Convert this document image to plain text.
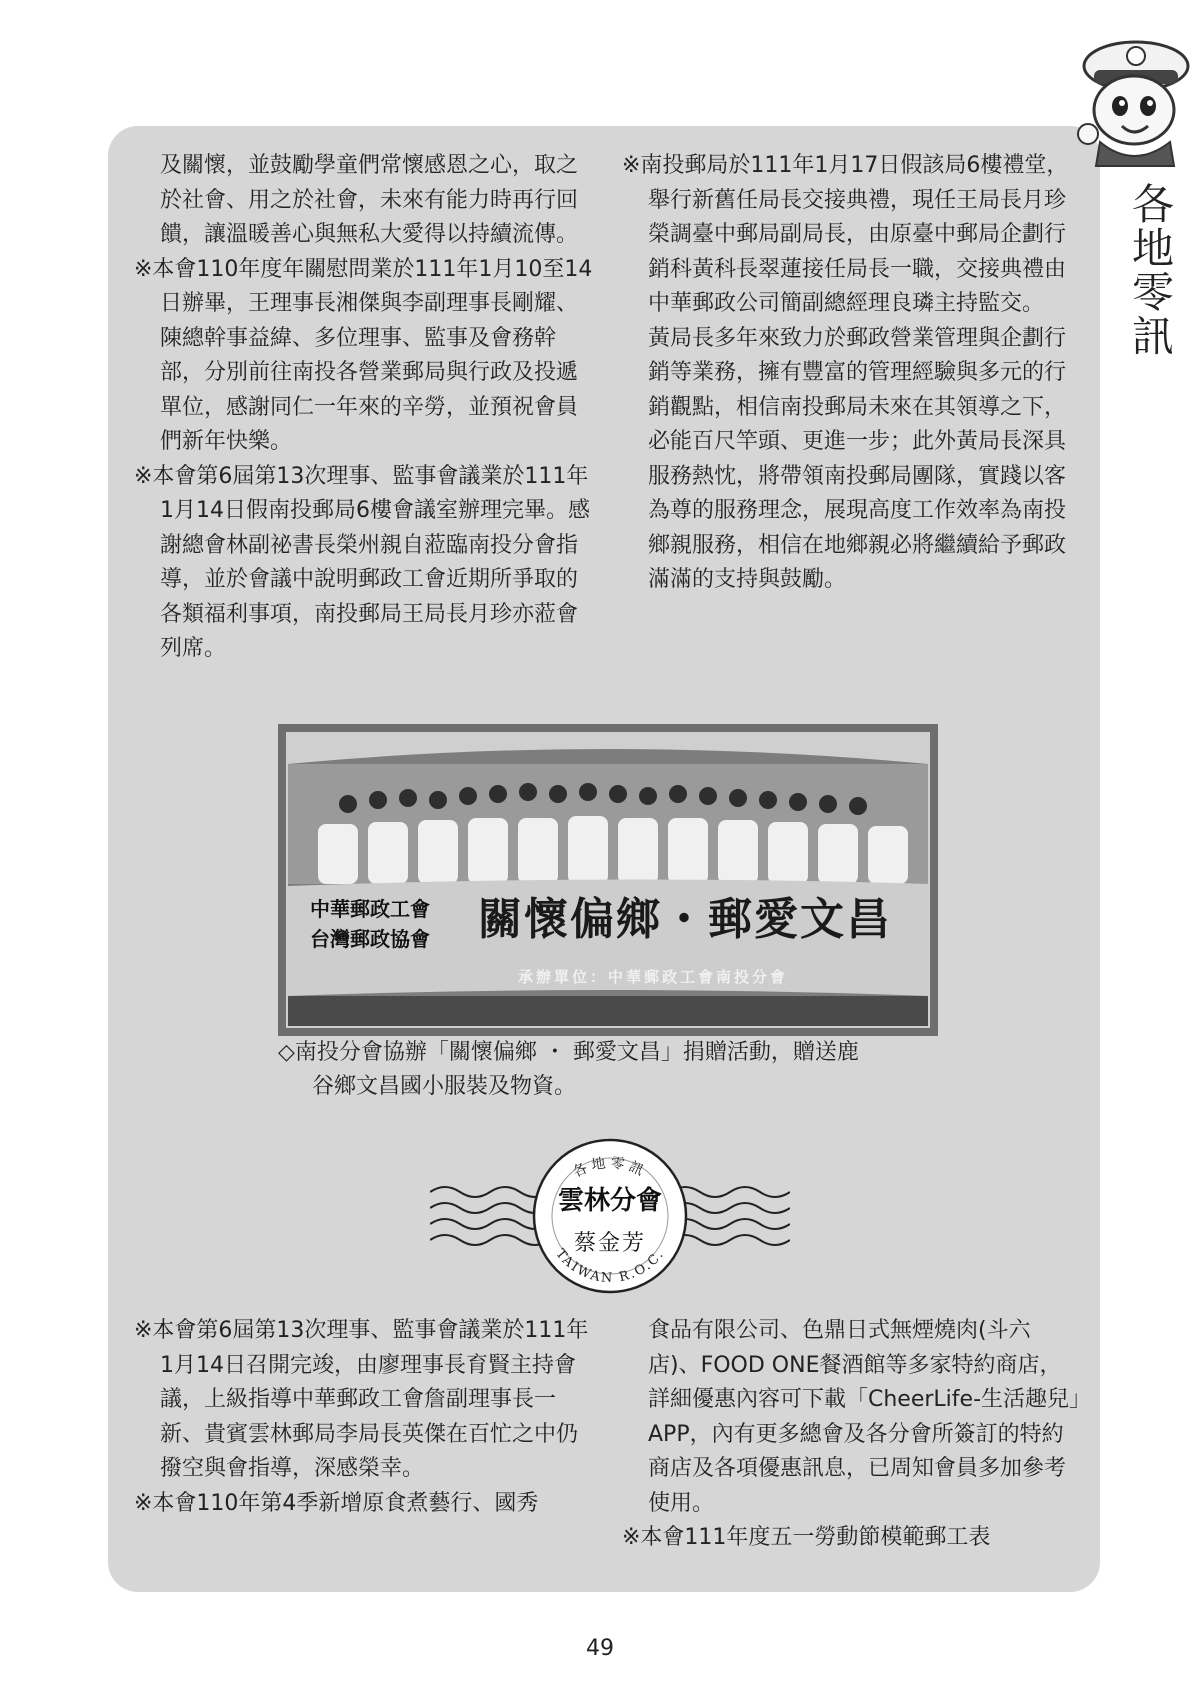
各地零訊

及關懷，並鼓勵學童們常懷感恩之心，取之於社會、用之於社會，未來有能力時再行回饋，讓溫暖善心與無私大愛得以持續流傳。

※本會110年度年關慰問業於111年1月10至14日辦畢，王理事長湘傑與李副理事長剛耀、陳總幹事益緯、多位理事、監事及會務幹部，分別前往南投各營業郵局與行政及投遞單位，感謝同仁一年來的辛勞，並預祝會員們新年快樂。

※本會第6屆第13次理事、監事會議業於111年1月14日假南投郵局6樓會議室辦理完畢。感謝總會林副祕書長榮州親自蒞臨南投分會指導，並於會議中說明郵政工會近期所爭取的各類福利事項，南投郵局王局長月珍亦蒞會列席。

※南投郵局於111年1月17日假該局6樓禮堂，舉行新舊任局長交接典禮，現任王局長月珍榮調臺中郵局副局長，由原臺中郵局企劃行銷科黃科長翠蓮接任局長一職，交接典禮由中華郵政公司簡副總經理良璘主持監交。

黃局長多年來致力於郵政營業管理與企劃行銷等業務，擁有豐富的管理經驗與多元的行銷觀點，相信南投郵局未來在其領導之下，必能百尺竿頭、更進一步；此外黃局長深具服務熱忱，將帶領南投郵局團隊，實踐以客為尊的服務理念，展現高度工作效率為南投鄉親服務，相信在地鄉親必將繼續給予郵政滿滿的支持與鼓勵。

中華郵政工會
台灣郵政協會	關懷偏鄉・郵愛文昌
承辦單位：中華郵政工會南投分會
◇南投分會協辦「關懷偏鄉 ・ 郵愛文昌」捐贈活動，贈送鹿
谷鄉文昌國小服裝及物資。
各地零訊
TAIWAN R.O.C.
雲林分會
蔡金芳

※本會第6屆第13次理事、監事會議業於111年1月14日召開完竣，由廖理事長育賢主持會議，上級指導中華郵政工會詹副理事長一新、貴賓雲林郵局李局長英傑在百忙之中仍撥空與會指導，深感榮幸。

※本會110年第4季新增原食煮藝行、國秀

食品有限公司、色鼎日式無煙燒肉(斗六店)、FOOD ONE餐酒館等多家特約商店，詳細優惠內容可下載「CheerLife-生活趣兒」APP，內有更多總會及各分會所簽訂的特約商店及各項優惠訊息，已周知會員多加參考使用。

※本會111年度五一勞動節模範郵工表

49
